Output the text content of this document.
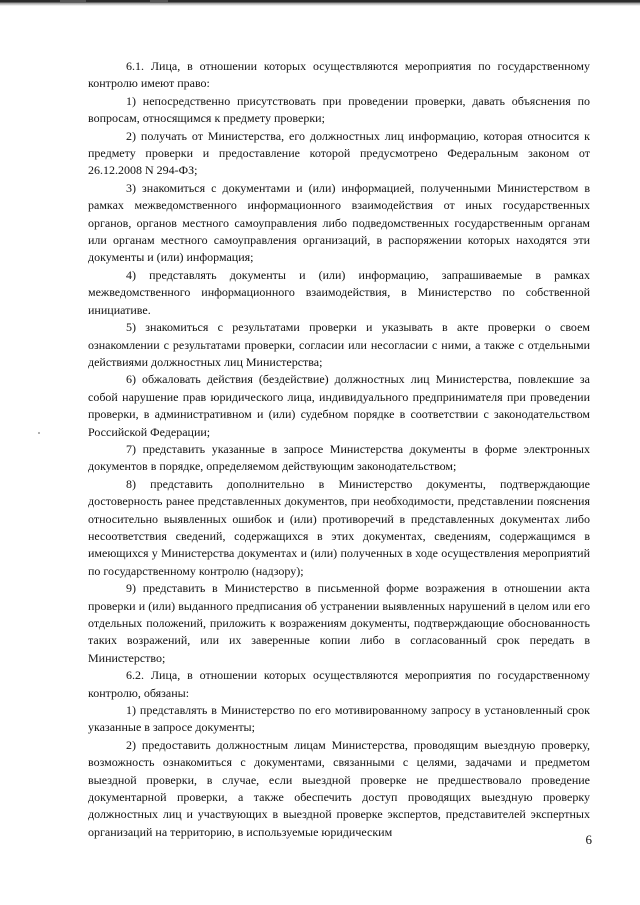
6.1. Лица, в отношении которых осуществляются мероприятия по государственному контролю имеют право:

1) непосредственно присутствовать при проведении проверки, давать объяснения по вопросам, относящимся к предмету проверки;

2) получать от Министерства, его должностных лиц информацию, которая относится к предмету проверки и предоставление которой предусмотрено Федеральным законом от 26.12.2008 N 294-ФЗ;

3) знакомиться с документами и (или) информацией, полученными Министерством в рамках межведомственного информационного взаимодействия от иных государственных органов, органов местного самоуправления либо подведомственных государственным органам или органам местного самоуправления организаций, в распоряжении которых находятся эти документы и (или) информация;

4) представлять документы и (или) информацию, запрашиваемые в рамках межведомственного информационного взаимодействия, в Министерство по собственной инициативе.

5) знакомиться с результатами проверки и указывать в акте проверки о своем ознакомлении с результатами проверки, согласии или несогласии с ними, а также с отдельными действиями должностных лиц Министерства;

6) обжаловать действия (бездействие) должностных лиц Министерства, повлекшие за собой нарушение прав юридического лица, индивидуального предпринимателя при проведении проверки, в административном и (или) судебном порядке в соответствии с законодательством Российской Федерации;

7) представить указанные в запросе Министерства документы в форме электронных документов в порядке, определяемом действующим законодательством;

8) представить дополнительно в Министерство документы, подтверждающие достоверность ранее представленных документов, при необходимости, представлении пояснения относительно выявленных ошибок и (или) противоречий в представленных документах либо несоответствия сведений, содержащихся в этих документах, сведениям, содержащимся в имеющихся у Министерства документах и (или) полученных в ходе осуществления мероприятий по государственному контролю (надзору);

9) представить в Министерство в письменной форме возражения в отношении акта проверки и (или) выданного предписания об устранении выявленных нарушений в целом или его отдельных положений, приложить к возражениям документы, подтверждающие обоснованность таких возражений, или их заверенные копии либо в согласованный срок передать в Министерство;

6.2. Лица, в отношении которых осуществляются мероприятия по государственному контролю, обязаны:

1) представлять в Министерство по его мотивированному запросу в установленный срок указанные в запросе документы;

2) предоставить должностным лицам Министерства, проводящим выездную проверку, возможность ознакомиться с документами, связанными с целями, задачами и предметом выездной проверки, в случае, если выездной проверке не предшествовало проведение документарной проверки, а также обеспечить доступ проводящих выездную проверку должностных лиц и участвующих в выездной проверке экспертов, представителей экспертных организаций на территорию, в используемые юридическим

6
